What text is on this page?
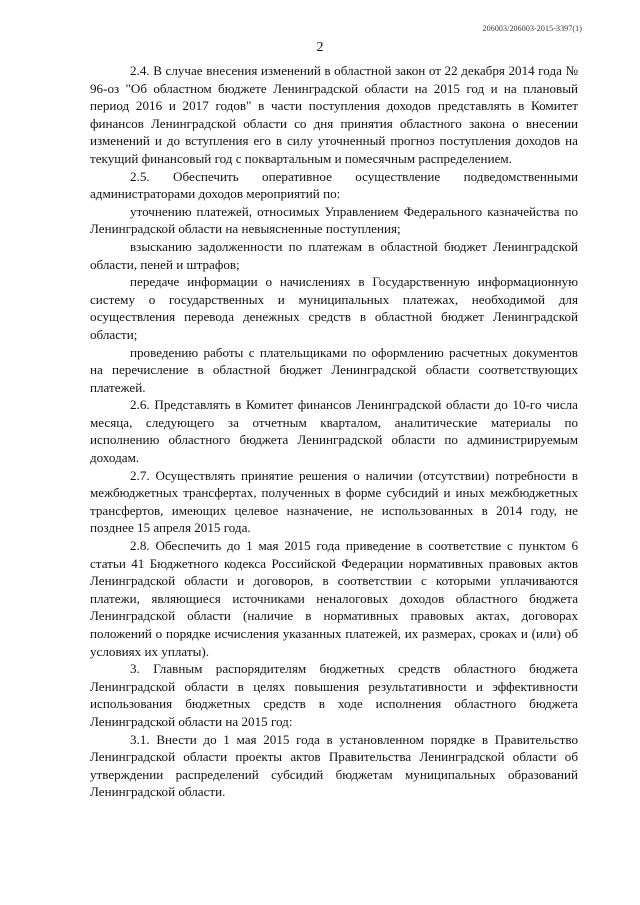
206003/206003-2015-3397(1)
2

2.4. В случае внесения изменений в областной закон от 22 декабря 2014 года № 96-оз "Об областном бюджете Ленинградской области на 2015 год и на плановый период 2016 и 2017 годов" в части поступления доходов представлять в Комитет финансов Ленинградской области со дня принятия областного закона о внесении изменений и до вступления его в силу уточненный прогноз поступления доходов на текущий финансовый год с поквартальным и помесячным распределением.

2.5. Обеспечить оперативное осуществление подведомственными администраторами доходов мероприятий по:

уточнению платежей, относимых Управлением Федерального казначейства по Ленинградской области на невыясненные поступления;

взысканию задолженности по платежам в областной бюджет Ленинградской области, пеней и штрафов;

передаче информации о начислениях в Государственную информационную систему о государственных и муниципальных платежах, необходимой для осуществления перевода денежных средств в областной бюджет Ленинградской области;

проведению работы с плательщиками по оформлению расчетных документов на перечисление в областной бюджет Ленинградской области соответствующих платежей.

2.6. Представлять в Комитет финансов Ленинградской области до 10-го числа месяца, следующего за отчетным кварталом, аналитические материалы по исполнению областного бюджета Ленинградской области по администрируемым доходам.

2.7. Осуществлять принятие решения о наличии (отсутствии) потребности в межбюджетных трансфертах, полученных в форме субсидий и иных межбюджетных трансфертов, имеющих целевое назначение, не использованных в 2014 году, не позднее 15 апреля 2015 года.

2.8. Обеспечить до 1 мая 2015 года приведение в соответствие с пунктом 6 статьи 41 Бюджетного кодекса Российской Федерации нормативных правовых актов Ленинградской области и договоров, в соответствии с которыми уплачиваются платежи, являющиеся источниками неналоговых доходов областного бюджета Ленинградской области (наличие в нормативных правовых актах, договорах положений о порядке исчисления указанных платежей, их размерах, сроках и (или) об условиях их уплаты).

3. Главным распорядителям бюджетных средств областного бюджета Ленинградской области в целях повышения результативности и эффективности использования бюджетных средств в ходе исполнения областного бюджета Ленинградской области на 2015 год:

3.1. Внести до 1 мая 2015 года в установленном порядке в Правительство Ленинградской области проекты актов Правительства Ленинградской области об утверждении распределений субсидий бюджетам муниципальных образований Ленинградской области.
